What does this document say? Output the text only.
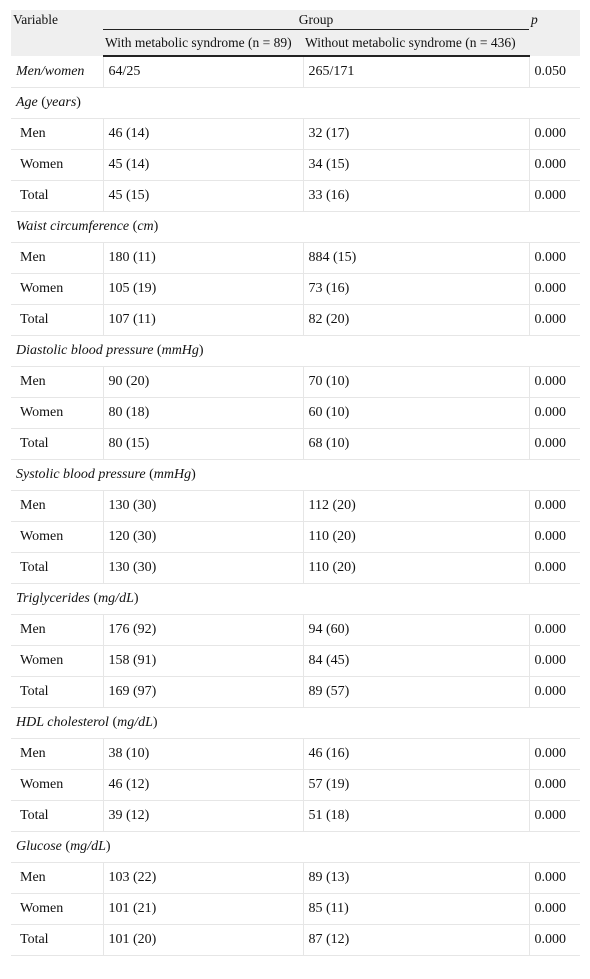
Variable	Group		p
	With metabolic syndrome (n = 89)	Without metabolic syndrome (n = 436)	
Men/women	64/25	265/171	0.050
Age (years)			
Men	46 (14)	32 (17)	0.000
Women	45 (14)	34 (15)	0.000
Total	45 (15)	33 (16)	0.000
Waist circumference (cm)			
Men	180 (11)	884 (15)	0.000
Women	105 (19)	73 (16)	0.000
Total	107 (11)	82 (20)	0.000
Diastolic blood pressure (mmHg)			
Men	90 (20)	70 (10)	0.000
Women	80 (18)	60 (10)	0.000
Total	80 (15)	68 (10)	0.000
Systolic blood pressure (mmHg)			
Men	130 (30)	112 (20)	0.000
Women	120 (30)	110 (20)	0.000
Total	130 (30)	110 (20)	0.000
Triglycerides (mg/dL)			
Men	176 (92)	94 (60)	0.000
Women	158 (91)	84 (45)	0.000
Total	169 (97)	89 (57)	0.000
HDL cholesterol (mg/dL)			
Men	38 (10)	46 (16)	0.000
Women	46 (12)	57 (19)	0.000
Total	39 (12)	51 (18)	0.000
Glucose (mg/dL)			
Men	103 (22)	89 (13)	0.000
Women	101 (21)	85 (11)	0.000
Total	101 (20)	87 (12)	0.000
